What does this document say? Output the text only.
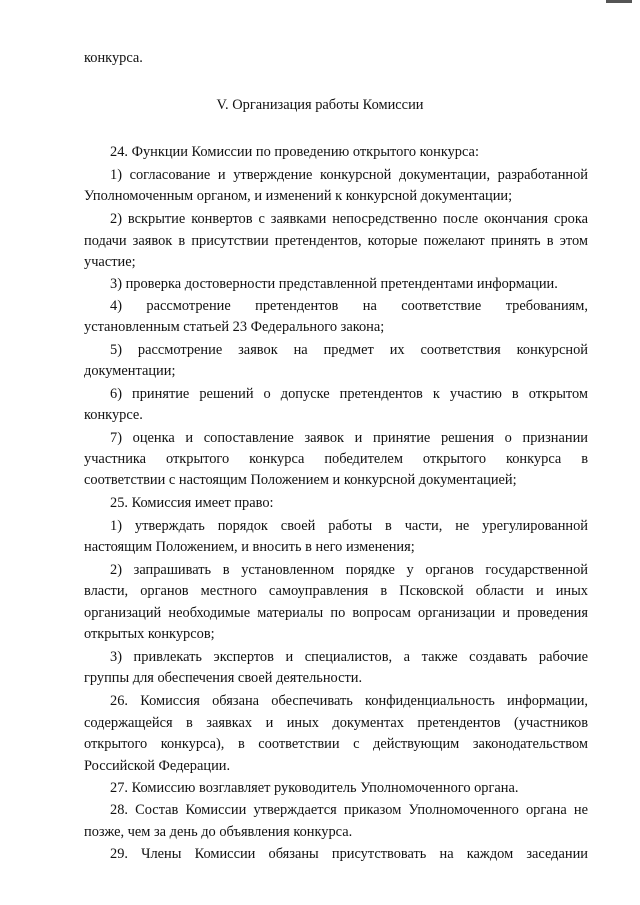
конкурса.
V. Организация работы Комиссии
24. Функции Комиссии по проведению открытого конкурса:
1) согласование и утверждение конкурсной документации, разработанной
Уполномоченным органом, и изменений к конкурсной документации;
2) вскрытие конвертов с заявками непосредственно после окончания срока
подачи заявок в присутствии претендентов, которые пожелают принять в этом
участие;
3) проверка достоверности представленной претендентами информации.
4) рассмотрение претендентов на соответствие требованиям,
установленным статьей 23 Федерального закона;
5) рассмотрение заявок на предмет их соответствия конкурсной
документации;
6) принятие решений о допуске претендентов к участию в открытом
конкурсе.
7) оценка и сопоставление заявок и принятие решения о признании
участника открытого конкурса победителем открытого конкурса в
соответствии с настоящим Положением и конкурсной документацией;
25. Комиссия имеет право:
1) утверждать порядок своей работы в части, не урегулированной
настоящим Положением, и вносить в него изменения;
2) запрашивать в установленном порядке у органов государственной
власти, органов местного самоуправления в Псковской области и иных
организаций необходимые материалы по вопросам организации и проведения
открытых конкурсов;
3) привлекать экспертов и специалистов, а также создавать рабочие
группы для обеспечения своей деятельности.
26. Комиссия обязана обеспечивать конфиденциальность информации,
содержащейся в заявках и иных документах претендентов (участников
открытого конкурса), в соответствии с действующим законодательством
Российской Федерации.
27. Комиссию возглавляет руководитель Уполномоченного органа.
28. Состав Комиссии утверждается приказом Уполномоченного органа не
позже, чем за день до объявления конкурса.
29. Члены Комиссии обязаны присутствовать на каждом заседании
